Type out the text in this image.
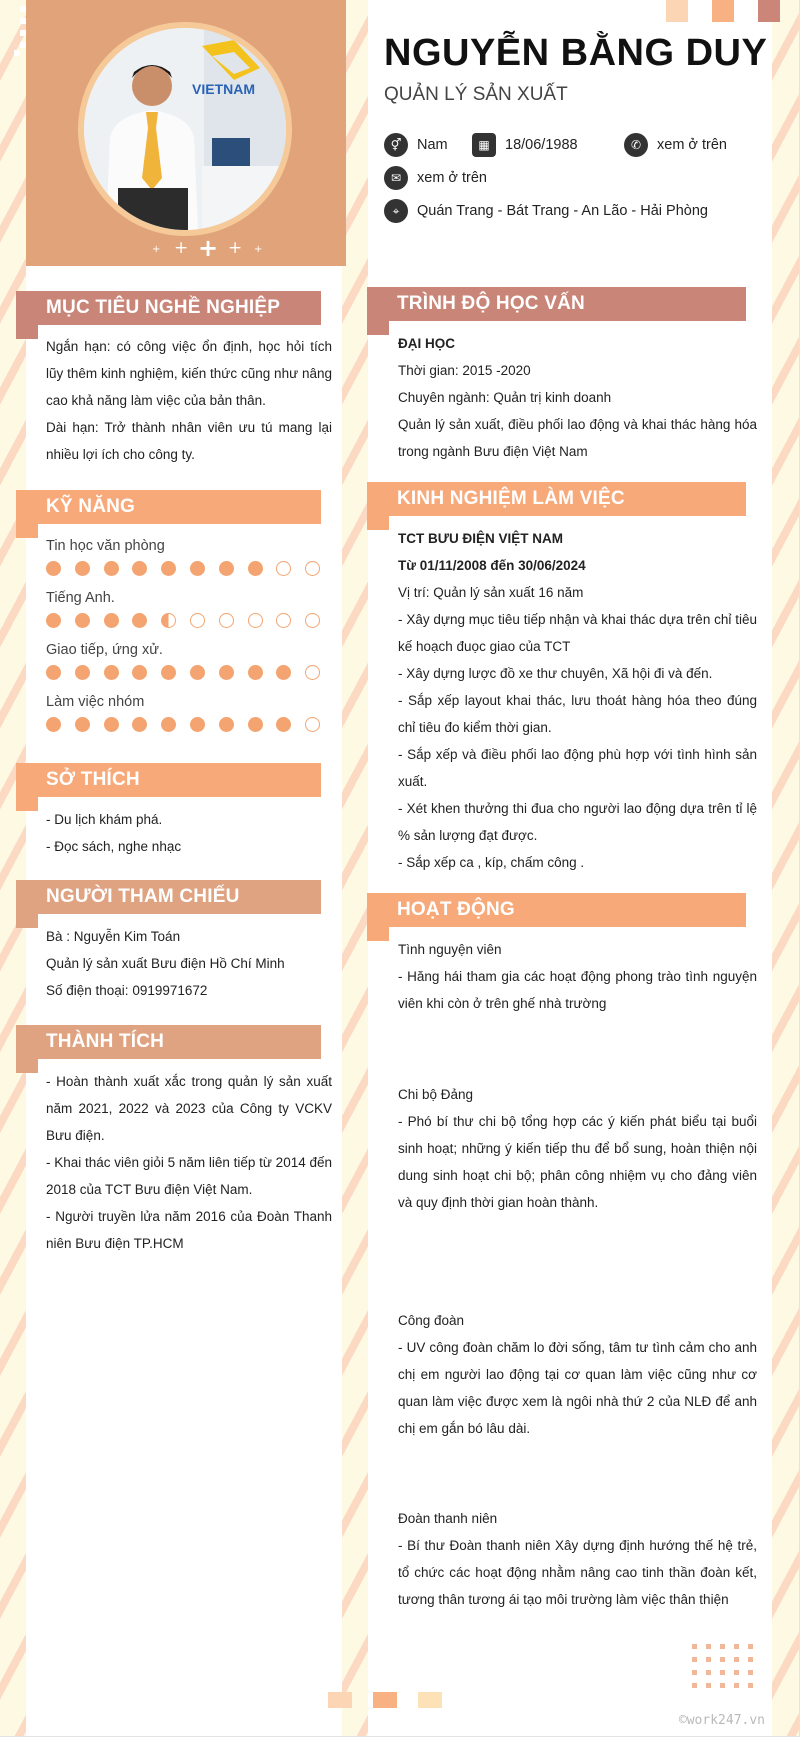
VIETNAM
+ + + + +
NGUYỄN BẰNG DUY
QUẢN LÝ SẢN XUẤT
⚥	Nam	▦	18/06/1988	✆	xem ở trên
✉	xem ở trên
⌖	Quán Trang - Bát Trang - An Lão - Hải Phòng
MỤC TIÊU NGHỀ NGHIỆP

Ngắn hạn: có công việc ổn định, học hỏi tích lũy thêm kinh nghiệm, kiến thức cũng như nâng cao khả năng làm việc của bản thân.

Dài hạn: Trở thành nhân viên ưu tú mang lại nhiều lợi ích cho công ty.

KỸ NĂNG
Tin học văn phòng
Tiếng Anh.
Giao tiếp, ứng xử.
Làm việc nhóm
SỞ THÍCH

- Du lịch khám phá.

- Đọc sách, nghe nhạc

NGƯỜI THAM CHIẾU

Bà : Nguyễn Kim Toán

Quản lý sản xuất Bưu điện Hồ Chí Minh

Số điện thoại: 0919971672

THÀNH TÍCH

- Hoàn thành xuất xắc trong quản lý sản xuất năm 2021, 2022 và 2023 của Công ty VCKV Bưu điện.

- Khai thác viên giỏi 5 năm liên tiếp từ 2014 đến 2018 của TCT Bưu điện Việt Nam.

- Người truyền lửa năm 2016 của Đoàn Thanh niên Bưu điện TP.HCM

TRÌNH ĐỘ HỌC VẤN

ĐẠI HỌC

Thời gian: 2015 -2020

Chuyên ngành: Quản trị kinh doanh

Quản lý sản xuất, điều phối lao động và khai thác hàng hóa trong ngành Bưu điện Việt Nam

KINH NGHIỆM LÀM VIỆC

TCT BƯU ĐIỆN VIỆT NAM

Từ 01/11/2008 đến 30/06/2024

Vị trí: Quản lý sản xuất 16 năm

- Xây dựng mục tiêu tiếp nhận và khai thác dựa trên chỉ tiêu kế hoạch đuọc giao của TCT

- Xây dựng lược đồ xe thư chuyên, Xã hội đi và đến.

- Sắp xếp layout khai thác, lưu thoát hàng hóa theo đúng chỉ tiêu đo kiểm thời gian.

- Sắp xếp và điều phối lao động phù hợp với tình hình sản xuất.

- Xét khen thưởng thi đua cho người lao động dựa trên tỉ lệ % sản lượng đạt được.

- Sắp xếp ca , kíp, chấm công .

HOẠT ĐỘNG

Tình nguyện viên

- Hăng hái tham gia các hoạt động phong trào tình nguyện viên khi còn ở trên ghế nhà trường

Chi bộ Đảng

- Phó bí thư chi bộ tổng hợp các ý kiến phát biểu tại buổi sinh hoạt; những ý kiến tiếp thu để bổ sung, hoàn thiện nội dung sinh hoạt chi bộ; phân công nhiệm vụ cho đảng viên và quy định thời gian hoàn thành.

Công đoàn

- UV công đoàn chăm lo đời sống, tâm tư tình cảm cho anh chị em người lao động tại cơ quan làm việc cũng như cơ quan làm việc được xem là ngôi nhà thứ 2 của NLĐ để anh chị em gắn bó lâu dài.

Đoàn thanh niên

- Bí thư Đoàn thanh niên Xây dựng định hướng thế hệ trẻ, tổ chức các hoạt động nhằm nâng cao tinh thần đoàn kết, tương thân tương ái tạo môi trường làm việc thân thiện

©work247.vn
